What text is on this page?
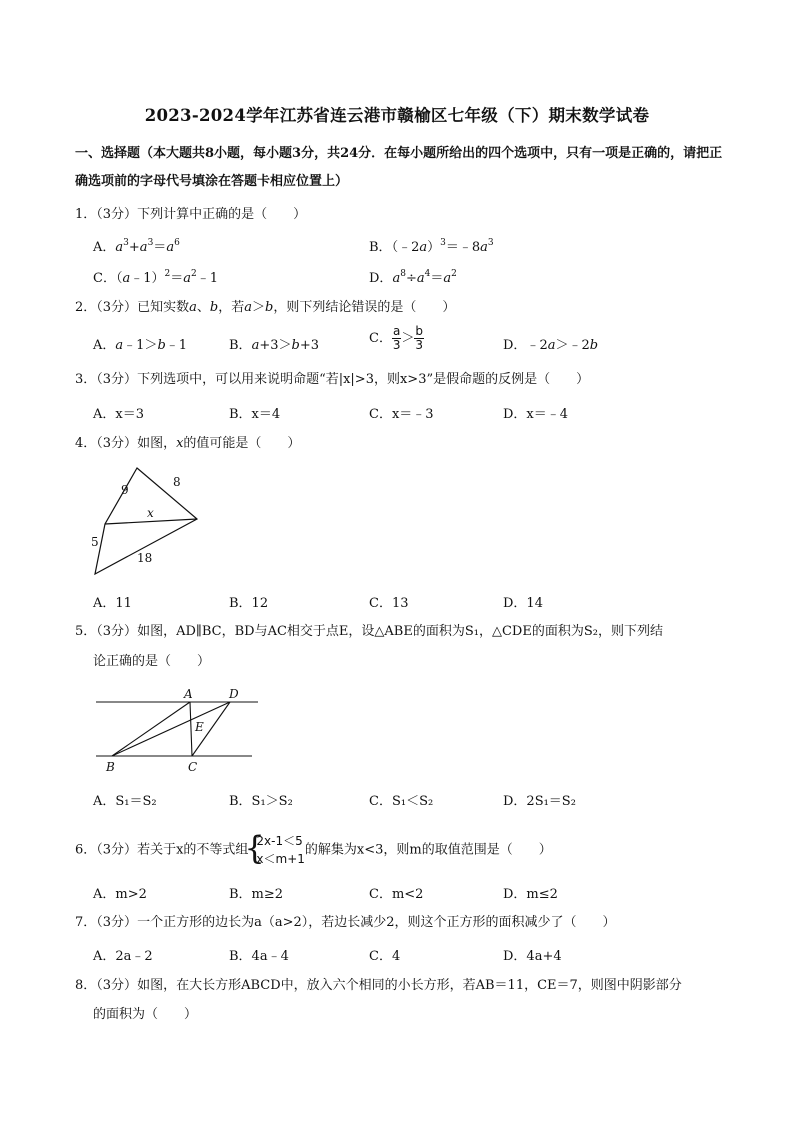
2023-2024学年江苏省连云港市赣榆区七年级（下）期末数学试卷
一、选择题（本大题共8小题，每小题3分，共24分．在每小题所给出的四个选项中，只有一项是正确的，请把正确选项前的字母代号填涂在答题卡相应位置上）
1．（3分）下列计算中正确的是（　　）
A．$a^3+a^3=a^6$	B．$(﹣2a)^3=﹣8a^3$
C．$(a﹣1)^2=a^2﹣1$	D．$a^8\div a^4=a^2$
2．（3分）已知实数a、b，若a＞b，则下列结论错误的是（　　）
A．a﹣1＞b﹣1	B．a+3＞b+3	C． $\frac{a}{3} > \frac{b}{3}$	D．﹣2a＞﹣2b
3．（3分）下列选项中，可以用来说明命题“若|x|>3，则x>3”是假命题的反例是（　　）
A．x＝3	B．x＝4	C．x＝﹣3	D．x＝﹣4
4．（3分）如图，x的值可能是（　　）
9
8
x
5
18
A．11	B．12	C．13	D．14
5．（3分）如图，AD∥BC，BD与AC相交于点E，设△ABE的面积为S₁，△CDE的面积为S₂，则下列结
论正确的是（　　）
A	D
E
B	C
A．S₁＝S₂	B．S₁＞S₂	C．S₁＜S₂	D．2S₁＝S₂
6．（3分）若关于x的不等式组
{
2x-1＜5
x＜m+1
的解集为x<3，则m的取值范围是（　　）
A．m>2	B．m≥2	C．m<2	D．m≤2
7．（3分）一个正方形的边长为a（a>2），若边长减少2，则这个正方形的面积减少了（　　）
A．2a﹣2	B．4a﹣4	C．4	D．4a+4
8．（3分）如图，在大长方形ABCD中，放入六个相同的小长方形，若AB＝11，CE＝7，则图中阴影部分
的面积为（　　）
